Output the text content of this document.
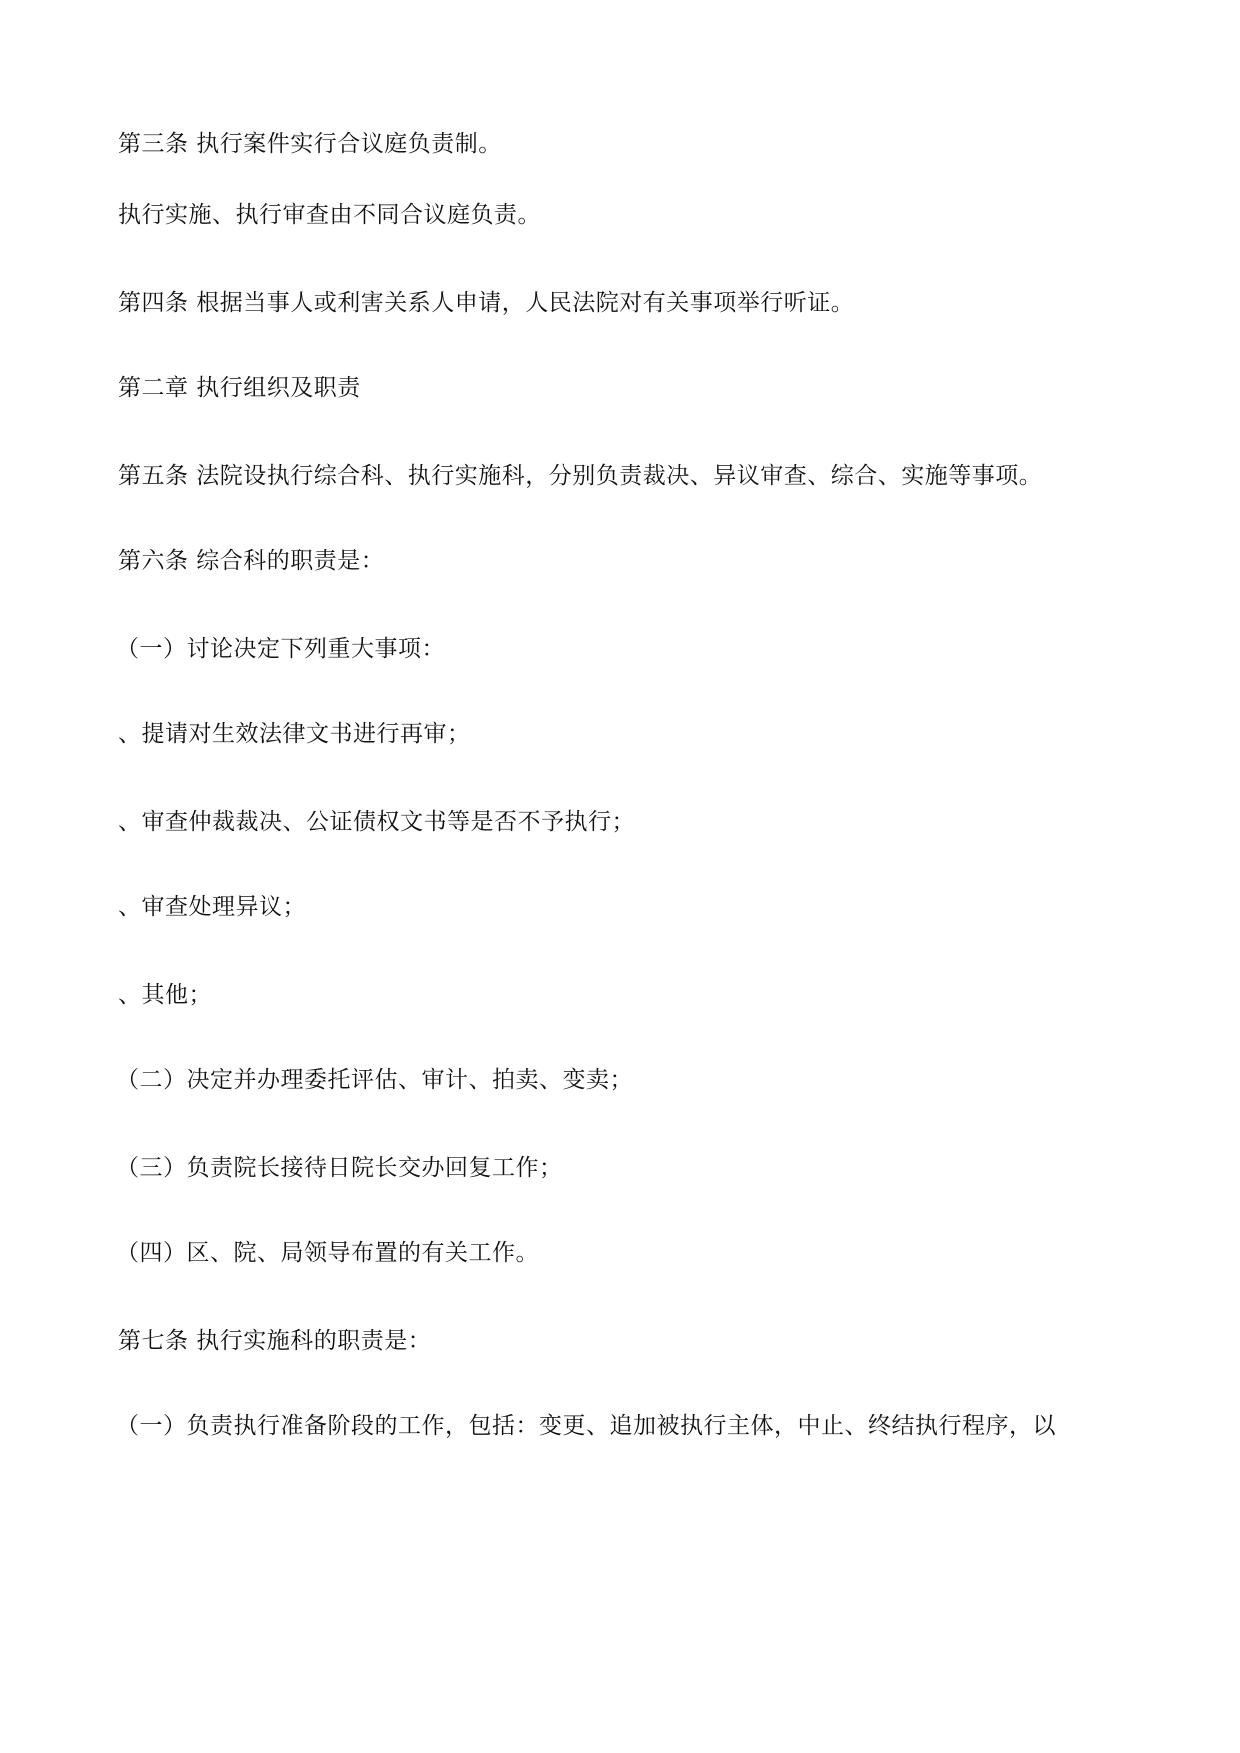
第三条 执行案件实行合议庭负责制。

执行实施、执行审查由不同合议庭负责。

第四条 根据当事人或利害关系人申请，人民法院对有关事项举行听证。

第二章 执行组织及职责

第五条 法院设执行综合科、执行实施科，分别负责裁决、异议审查、综合、实施等事项。

第六条 综合科的职责是：

（一）讨论决定下列重大事项：

、提请对生效法律文书进行再审；

、审查仲裁裁决、公证债权文书等是否不予执行；

、审查处理异议；

、其他；

（二）决定并办理委托评估、审计、拍卖、变卖；

（三）负责院长接待日院长交办回复工作；

（四）区、院、局领导布置的有关工作。

第七条 执行实施科的职责是：

（一）负责执行准备阶段的工作，包括：变更、追加被执行主体，中止、终结执行程序，以
